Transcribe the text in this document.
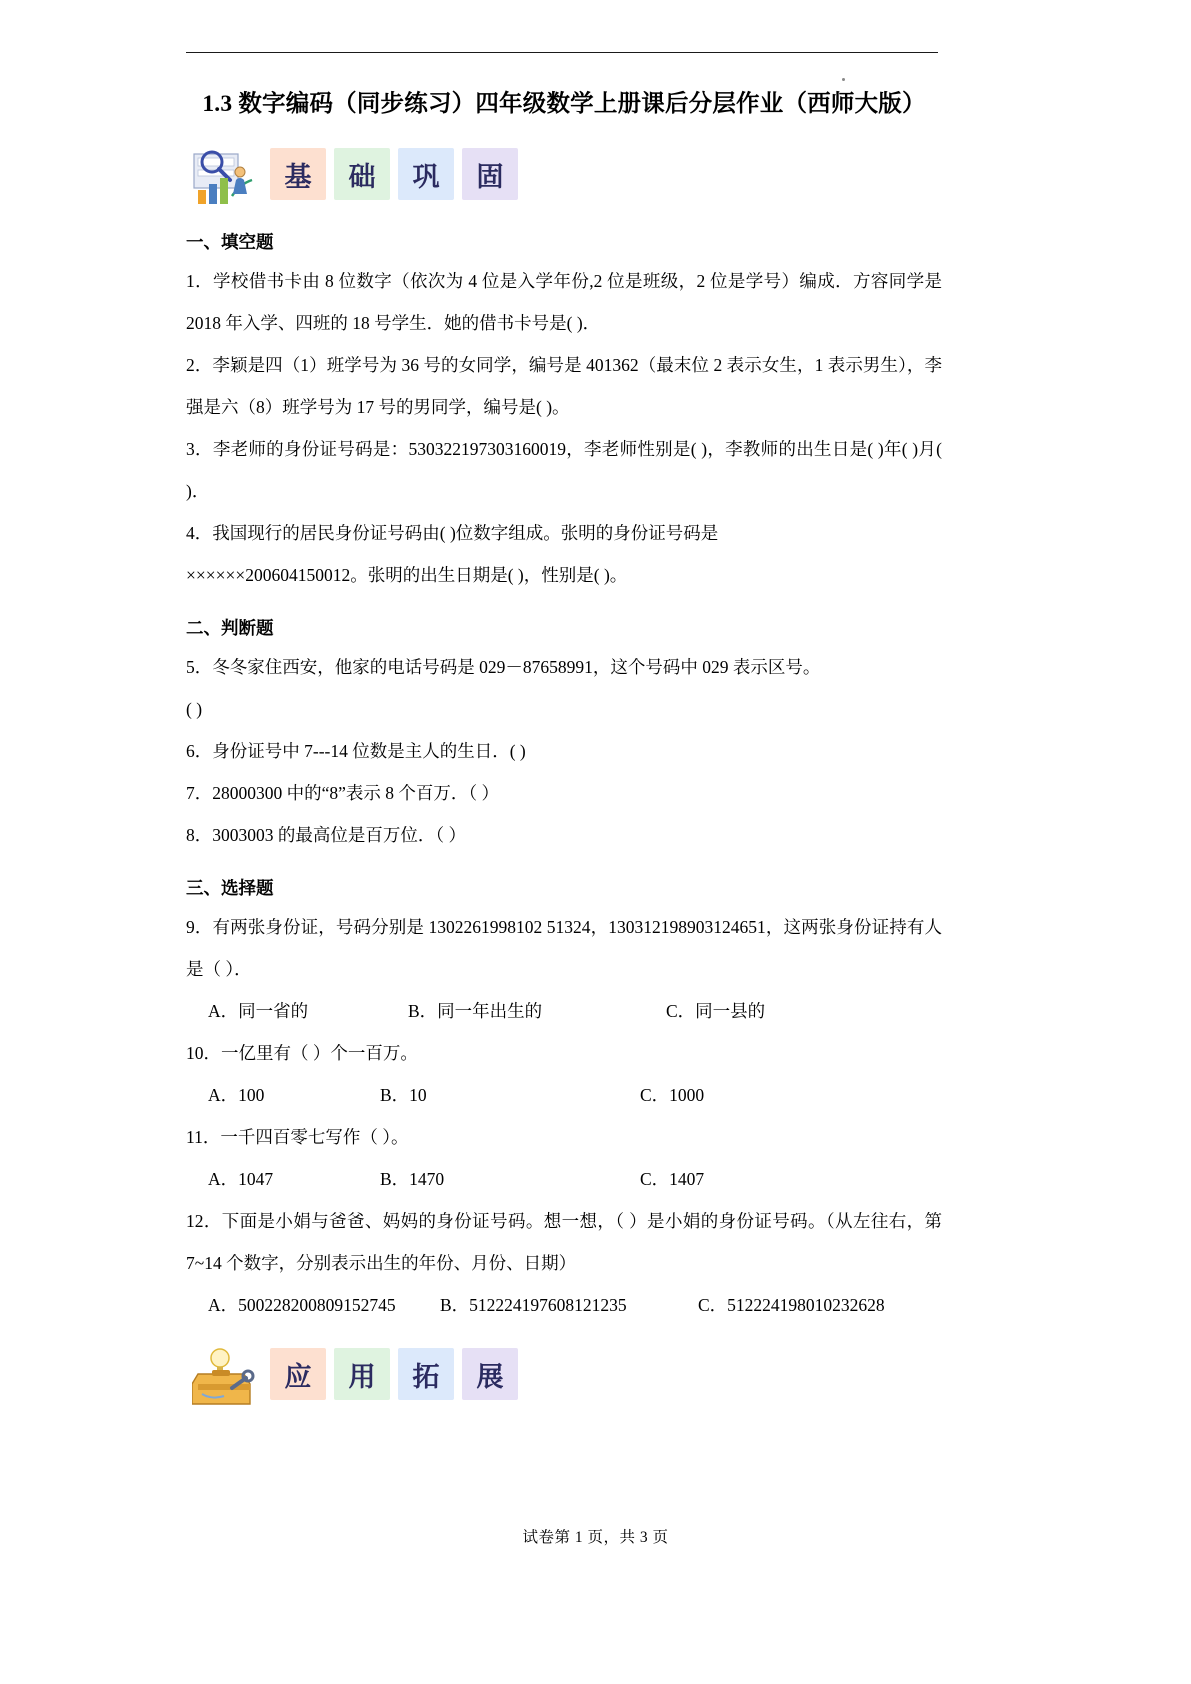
1.3 数字编码（同步练习）四年级数学上册课后分层作业（西师大版）
基	础	巩	固
一、填空题

1．学校借书卡由 8 位数字（依次为 4 位是入学年份,2 位是班级，2 位是学号）编成．方容同学是 2018 年入学、四班的 18 号学生．她的借书卡号是( )．

2．李颖是四（1）班学号为 36 号的女同学，编号是 401362（最末位 2 表示女生，1 表示男生），李强是六（8）班学号为 17 号的男同学，编号是( )。

3．李老师的身份证号码是：530322197303160019，李老师性别是( )，李教师的出生日是( )年( )月( )．

4．我国现行的居民身份证号码由( )位数字组成。张明的身份证号码是

××××××200604150012。张明的出生日期是( )，性别是( )。

二、判断题

5．冬冬家住西安，他家的电话号码是 029－87658991，这个号码中 029 表示区号。

( )

6．身份证号中 7---14 位数是主人的生日．( )

7．28000300 中的“8”表示 8 个百万．（ ）

8．3003003 的最高位是百万位．（ ）

三、选择题

9．有两张身份证，号码分别是 1302261998102 51324，130312198903124651，这两张身份证持有人是（ ）．

A．同一省的	B．同一年出生的	C．同一县的

10．一亿里有（ ）个一百万。

A．100	B．10	C．1000

11．一千四百零七写作（ ）。

A．1047	B．1470	C．1407

12．下面是小娟与爸爸、妈妈的身份证号码。想一想，（ ）是小娟的身份证号码。（从左往右，第 7~14 个数字，分别表示出生的年份、月份、日期）

A．500228200809152745	B．512224197608121235	C．512224198010232628
应	用	拓	展
试卷第 1 页，共 3 页
